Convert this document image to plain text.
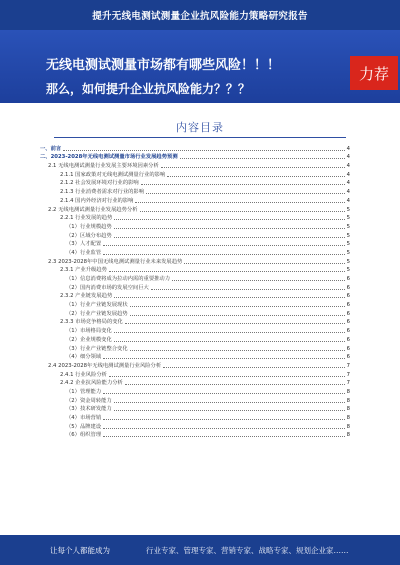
提升无线电测试测量企业抗风险能力策略研究报告
无线电测试测量市场都有哪些风险！！！
那么，如何提升企业抗风险能力？？？
力荐
内容目录
一、前言	4
二、2023-2028年无线电测试测量市场行业发展趋势预测	4
2.1 无线电测试测量行业发展主要环境因素分析	4
2.1.1 国家政策对无线电测试测量行业的影响	4
2.1.2 社会发展环境对行业的影响	4
2.1.3 行业消费者需求对行业的影响	4
2.1.4 国内外经济对行业的影响	4
2.2 无线电测试测量行业发展趋势分析	5
2.2.1 行业发展的趋势	5
（1）行业规模趋势	5
（2）区域分布趋势	5
（3）人才配置	5
（4）行业监管	5
2.3 2023-2028年中国无线电测试测量行业未来发展趋势	5
2.3.1 产业升级趋势	5
（1）信息消费将成为拉动内需的重要推动力	6
（2）国内消费市场的发展空间巨大	6
2.3.2 产业链发展趋势	6
（1）行业产业链发展现状	6
（2）行业产业链发展趋势	6
2.3.3 市场竞争格局的变化	6
（1）市场格局变化	6
（2）企业规模变化	6
（3）行业产业链整合变化	6
（4）细分领域	6
2.4 2023-2028年无线电测试测量行业风险分析	7
2.4.1 行业风险分析	7
2.4.2 企业抗风险能力分析	7
（1）管理能力	8
（2）资金周转能力	8
（3）技术研发能力	8
（4）市场营销	8
（5）品牌建设	8
（6）组织管理	8
让每个人都能成为	行业专家、管理专家、营销专家、战略专家、规划企业家……
